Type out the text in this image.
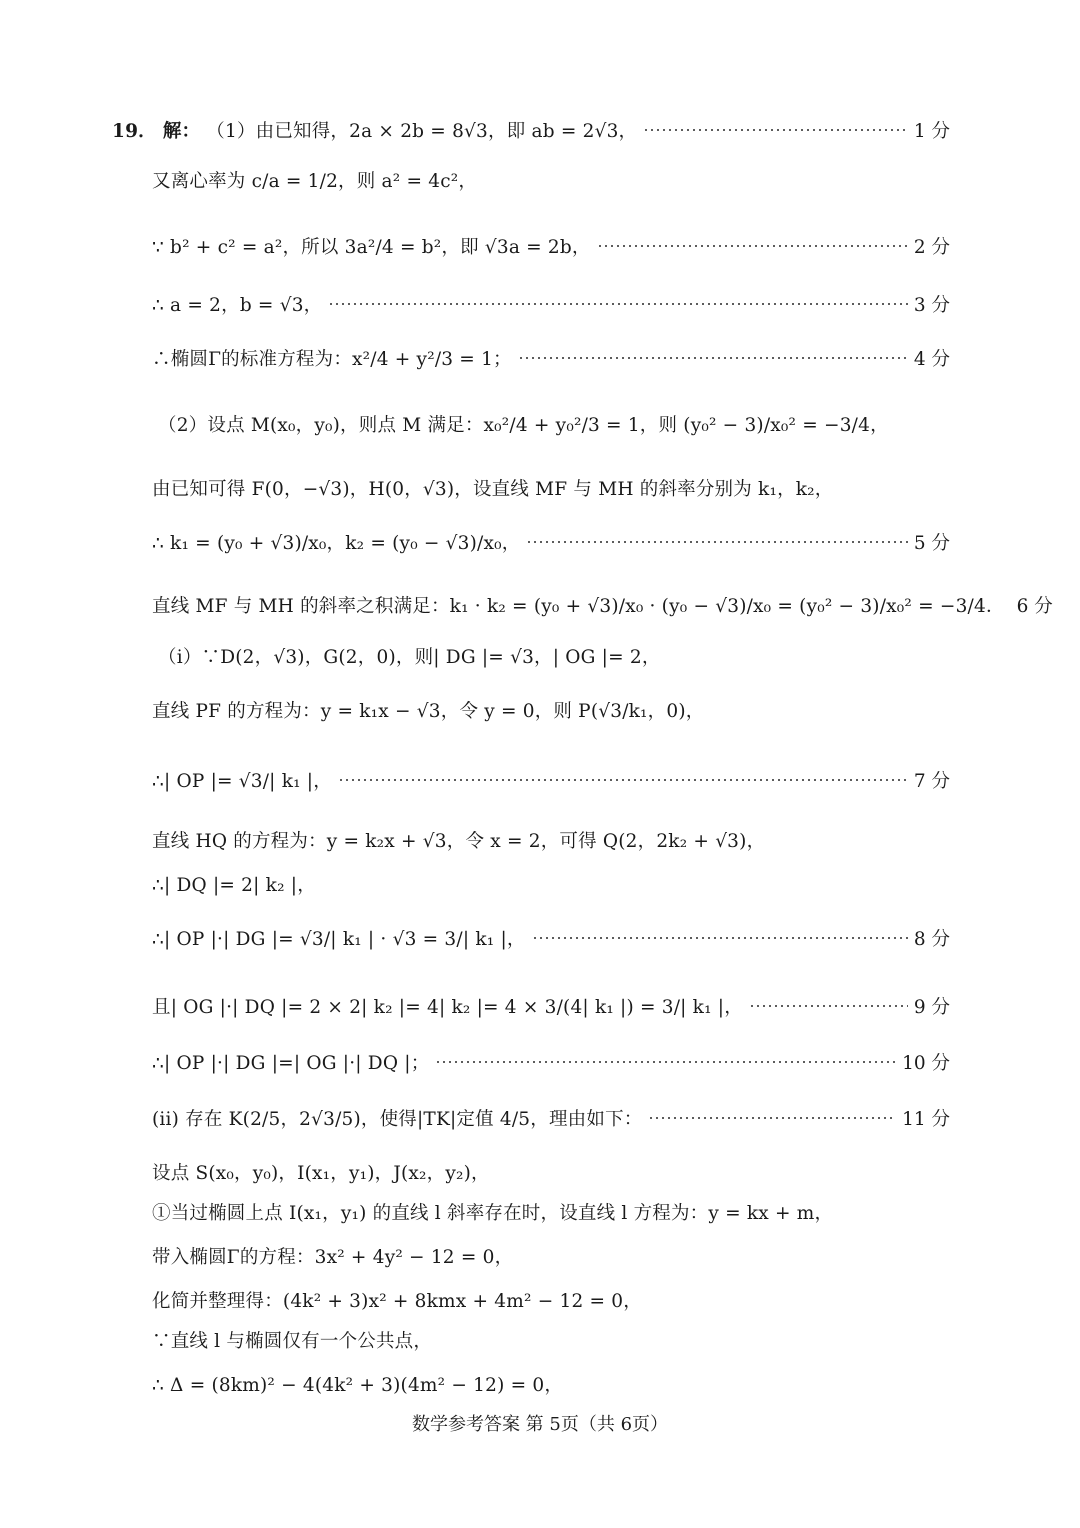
19． 解： （1）由已知得，2a × 2b = 8√3，即 ab = 2√3，	1 分
又离心率为 c/a = 1/2，则 a² = 4c²，
∵ b² + c² = a²，所以 3a²/4 = b²，即 √3a = 2b，	2 分
∴ a = 2，b = √3，	3 分
∴椭圆Γ的标准方程为：x²/4 + y²/3 = 1；	4 分
（2）设点 M(x₀，y₀)，则点 M 满足：x₀²/4 + y₀²/3 = 1，则 (y₀² − 3)/x₀² = −3/4，
由已知可得 F(0，−√3)，H(0，√3)，设直线 MF 与 MH 的斜率分别为 k₁，k₂，
∴ k₁ = (y₀ + √3)/x₀，k₂ = (y₀ − √3)/x₀，	5 分
直线 MF 与 MH 的斜率之积满足：k₁ · k₂ = (y₀ + √3)/x₀ · (y₀ − √3)/x₀ = (y₀² − 3)/x₀² = −3/4． 6 分
（i）∵D(2，√3)，G(2，0)，则| DG |= √3，| OG |= 2，
直线 PF 的方程为：y = k₁x − √3，令 y = 0，则 P(√3/k₁，0)，
∴| OP |= √3/| k₁ |，	7 分
直线 HQ 的方程为：y = k₂x + √3，令 x = 2，可得 Q(2，2k₂ + √3)，
∴| DQ |= 2| k₂ |，
∴| OP |·| DG |= √3/| k₁ | · √3 = 3/| k₁ |，	8 分
且| OG |·| DQ |= 2 × 2| k₂ |= 4| k₂ |= 4 × 3/(4| k₁ |) = 3/| k₁ |，	9 分
∴| OP |·| DG |=| OG |·| DQ |；	10 分
(ii) 存在 K(2/5，2√3/5)，使得|TK|定值 4/5，理由如下：	11 分
设点 S(x₀，y₀)，I(x₁，y₁)，J(x₂，y₂)，
①当过椭圆上点 I(x₁，y₁) 的直线 l 斜率存在时，设直线 l 方程为：y = kx + m，
带入椭圆Γ的方程：3x² + 4y² − 12 = 0，
化简并整理得：(4k² + 3)x² + 8kmx + 4m² − 12 = 0，
∵直线 l 与椭圆仅有一个公共点，
∴ Δ = (8km)² − 4(4k² + 3)(4m² − 12) = 0，
数学参考答案 第 5页（共 6页）
